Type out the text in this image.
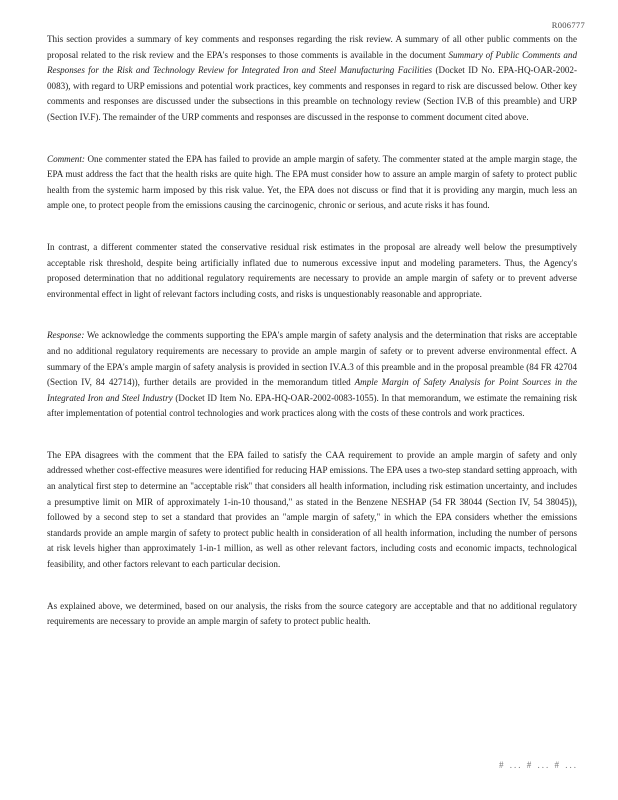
R006777

This section provides a summary of key comments and responses regarding the risk review. A summary of all other public comments on the proposal related to the risk review and the EPA's responses to those comments is available in the document Summary of Public Comments and Responses for the Risk and Technology Review for Integrated Iron and Steel Manufacturing Facilities (Docket ID No. EPA-HQ-OAR-2002-0083), with regard to URP emissions and potential work practices, key comments and responses in regard to risk are discussed below. Other key comments and responses are discussed under the subsections in this preamble on technology review (Section IV.B of this preamble) and URP (Section IV.F). The remainder of the URP comments and responses are discussed in the response to comment document cited above.

Comment: One commenter stated the EPA has failed to provide an ample margin of safety. The commenter stated at the ample margin stage, the EPA must address the fact that the health risks are quite high. The EPA must consider how to assure an ample margin of safety to protect public health from the systemic harm imposed by this risk value. Yet, the EPA does not discuss or find that it is providing any margin, much less an ample one, to protect people from the emissions causing the carcinogenic, chronic or serious, and acute risks it has found.

In contrast, a different commenter stated the conservative residual risk estimates in the proposal are already well below the presumptively acceptable risk threshold, despite being artificially inflated due to numerous excessive input and modeling parameters. Thus, the Agency's proposed determination that no additional regulatory requirements are necessary to provide an ample margin of safety or to prevent adverse environmental effect in light of relevant factors including costs, and risks is unquestionably reasonable and appropriate.

Response: We acknowledge the comments supporting the EPA's ample margin of safety analysis and the determination that risks are acceptable and no additional regulatory requirements are necessary to provide an ample margin of safety or to prevent adverse environmental effect. A summary of the EPA's ample margin of safety analysis is provided in section IV.A.3 of this preamble and in the proposal preamble (84 FR 42704 (Section IV, 84 42714)), further details are provided in the memorandum titled Ample Margin of Safety Analysis for Point Sources in the Integrated Iron and Steel Industry (Docket ID Item No. EPA-HQ-OAR-2002-0083-1055). In that memorandum, we estimate the remaining risk after implementation of potential control technologies and work practices along with the costs of these controls and work practices.

The EPA disagrees with the comment that the EPA failed to satisfy the CAA requirement to provide an ample margin of safety and only addressed whether cost-effective measures were identified for reducing HAP emissions. The EPA uses a two-step standard setting approach, with an analytical first step to determine an "acceptable risk" that considers all health information, including risk estimation uncertainty, and includes a presumptive limit on MIR of approximately 1-in-10 thousand," as stated in the Benzene NESHAP (54 FR 38044 (Section IV, 54 38045)), followed by a second step to set a standard that provides an "ample margin of safety," in which the EPA considers whether the emissions standards provide an ample margin of safety to protect public health in consideration of all health information, including the number of persons at risk levels higher than approximately 1-in-1 million, as well as other relevant factors, including costs and economic impacts, technological feasibility, and other factors relevant to each particular decision.

As explained above, we determined, based on our analysis, the risks from the source category are acceptable and that no additional regulatory requirements are necessary to provide an ample margin of safety to protect public health.

# ... # ... # ...
